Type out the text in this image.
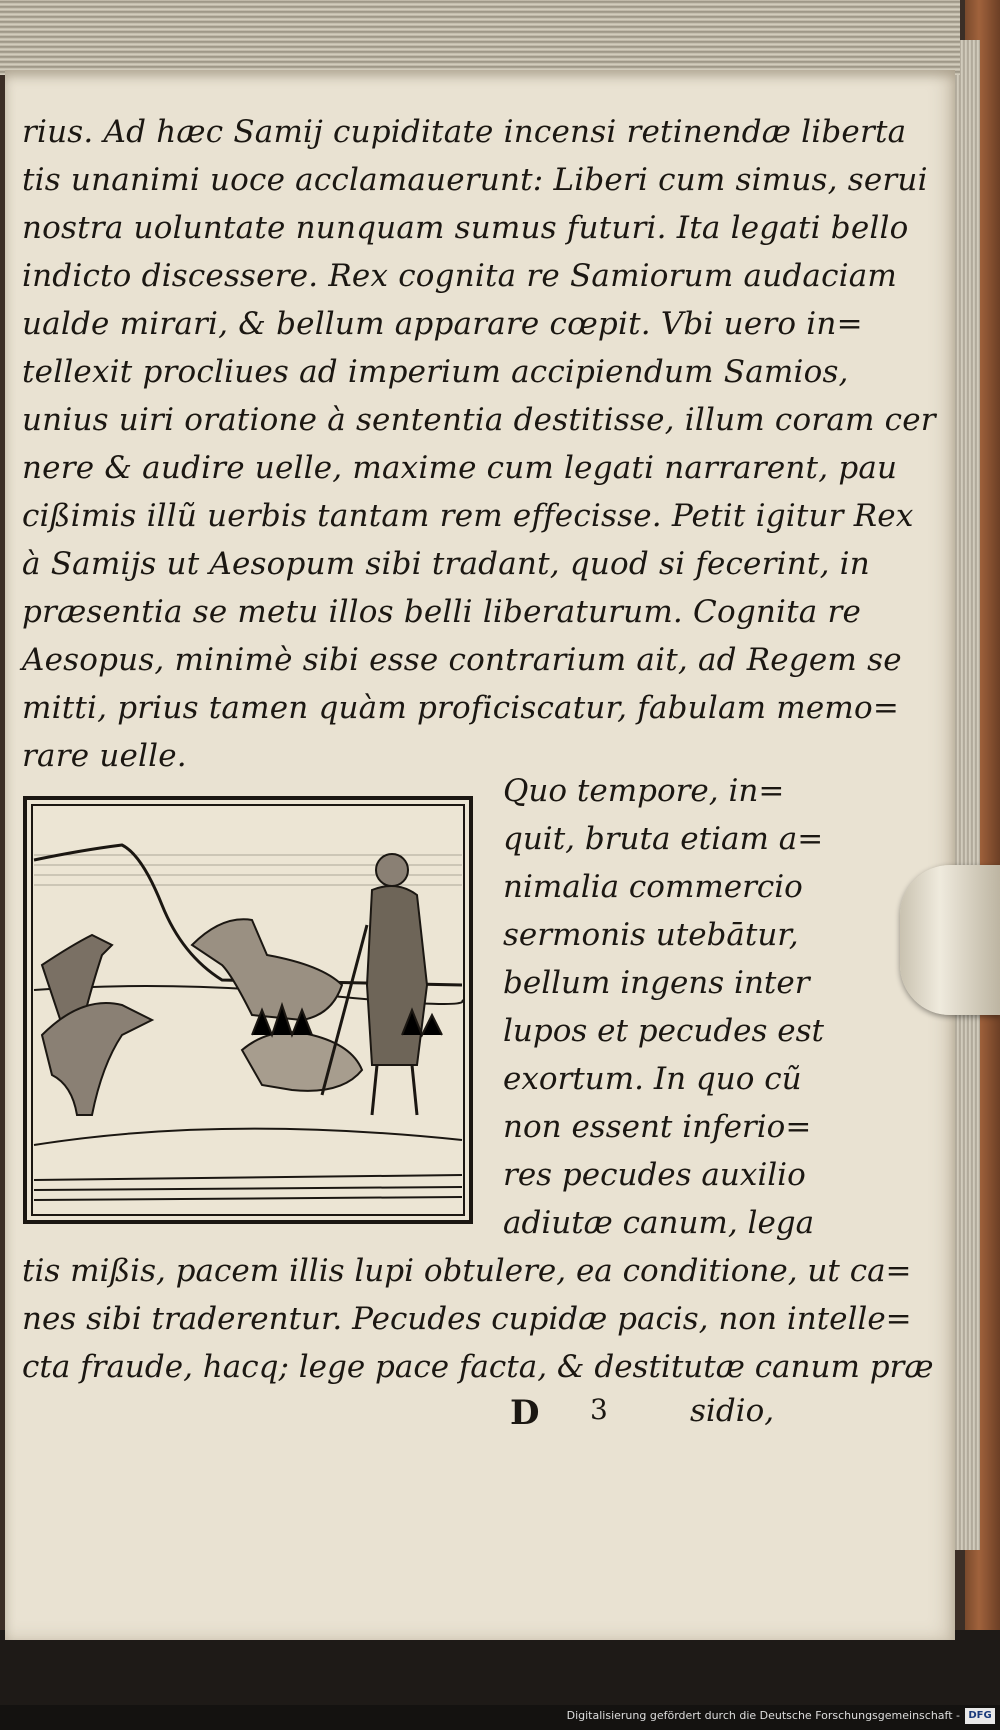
rius. Ad hæc Samij cupiditate incensi retinendæ liberta
tis unanimi uoce acclamauerunt: Liberi cum simus, serui
nostra uoluntate nunquam sumus futuri. Ita legati bello
indicto discessere. Rex cognita re Samiorum audaciam
ualde mirari, & bellum apparare cœpit. Vbi uero in=
tellexit procliues ad imperium accipiendum Samios,
unius uiri oratione à sententia destitisse, illum coram cer
nere & audire uelle, maxime cum legati narrarent, pau
cißimis illũ uerbis tantam rem effecisse. Petit igitur Rex
à Samijs ut Aesopum sibi tradant, quod si fecerint, in
præsentia se metu illos belli liberaturum. Cognita re
Aesopus, minimè sibi esse contrarium ait, ad Regem se
mitti, prius tamen quàm proficiscatur, fabulam memo=
rare uelle.
Quo tempore, in=
quit, bruta etiam a=
nimalia commercio
sermonis utebātur,
bellum ingens inter
lupos et pecudes est
exortum. In quo cũ
non essent inferio=
res pecudes auxilio
adiutæ canum, lega
tis mißis, pacem illis lupi obtulere, ea conditione, ut ca=
nes sibi traderentur. Pecudes cupidæ pacis, non intelle=
cta fraude, hacq; lege pace facta, & destitutæ canum præ
D 3	sidio,
Digitalisierung gefördert durch die Deutsche Forschungsgemeinschaft - DFG
